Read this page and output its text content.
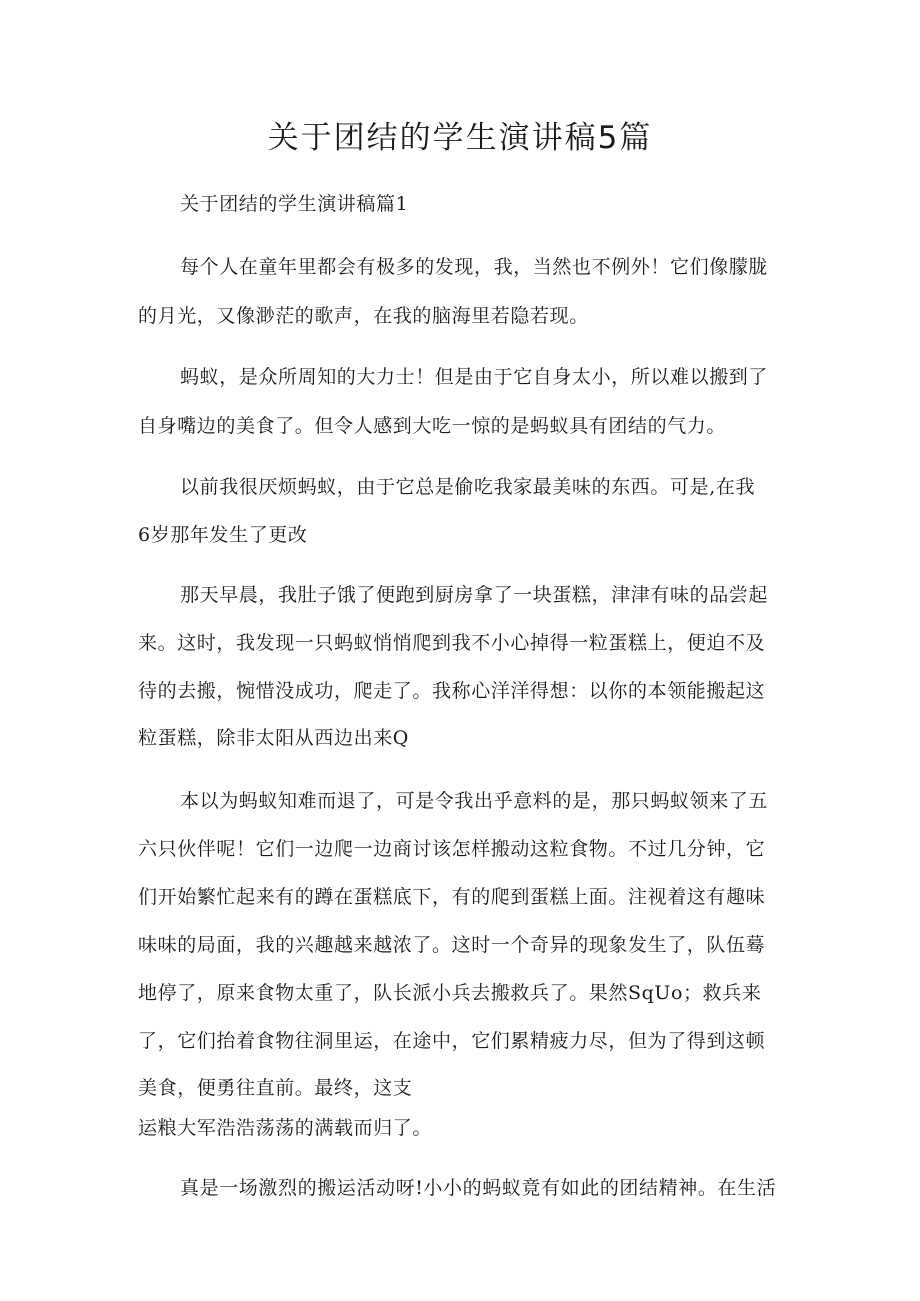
关于团结的学生演讲稿5篇
关于团结的学生演讲稿篇1
每个人在童年里都会有极多的发现，我，当然也不例外！它们像朦胧
的月光，又像渺茫的歌声，在我的脑海里若隐若现。
蚂蚁，是众所周知的大力士！但是由于它自身太小，所以难以搬到了
自身嘴边的美食了。但令人感到大吃一惊的是蚂蚁具有团结的气力。
以前我很厌烦蚂蚁，由于它总是偷吃我家最美味的东西。可是,在我
6岁那年发生了更改
那天早晨，我肚子饿了便跑到厨房拿了一块蛋糕，津津有味的品尝起
来。这时，我发现一只蚂蚁悄悄爬到我不小心掉得一粒蛋糕上，便迫不及
待的去搬，惋惜没成功，爬走了。我称心洋洋得想：以你的本领能搬起这
粒蛋糕，除非太阳从西边出来Q
本以为蚂蚁知难而退了，可是令我出乎意料的是，那只蚂蚁领来了五
六只伙伴呢！它们一边爬一边商讨该怎样搬动这粒食物。不过几分钟，它
们开始繁忙起来有的蹲在蛋糕底下，有的爬到蛋糕上面。注视着这有趣味
味味的局面，我的兴趣越来越浓了。这时一个奇异的现象发生了，队伍蓦
地停了，原来食物太重了，队长派小兵去搬救兵了。果然SqUo；救兵来
了，它们抬着食物往洞里运，在途中，它们累精疲力尽，但为了得到这顿
美食，便勇往直前。最终，这支
运粮大军浩浩荡荡的满载而归了。
真是一场激烈的搬运活动呀!小小的蚂蚁竟有如此的团结精神。在生活
